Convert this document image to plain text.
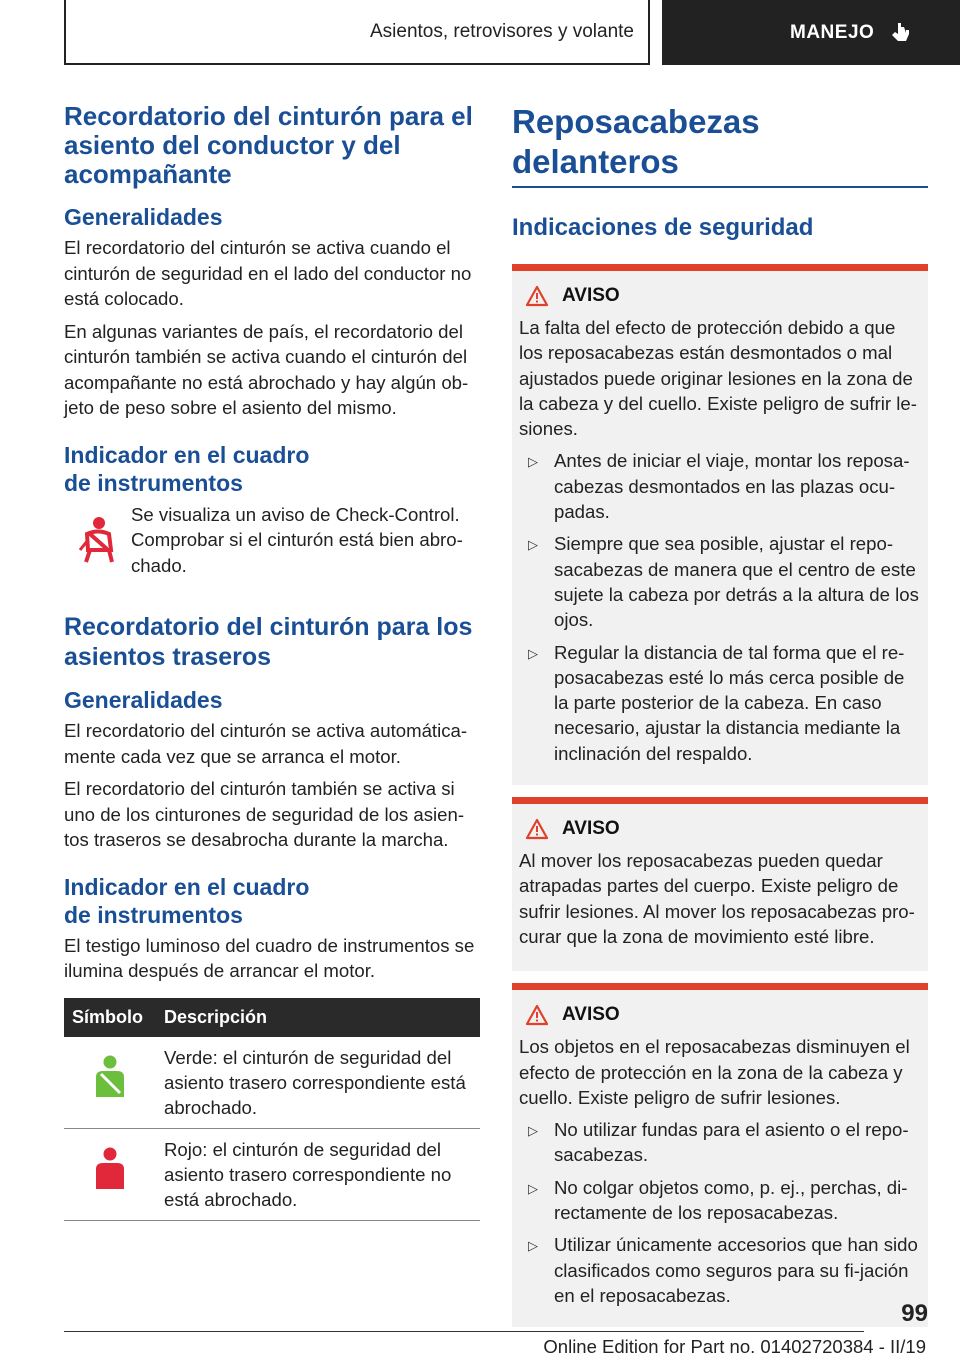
Asientos, retrovisores y volante	MANEJO
Recordatorio del cinturón para el asiento del conductor y del acompañante
Generalidades
El recordatorio del cinturón se activa cuando el cinturón de seguridad en el lado del conductor no está colocado.
En algunas variantes de país, el recordatorio del cinturón también se activa cuando el cinturón del acompañante no está abrochado y hay algún ob‐jeto de peso sobre el asiento del mismo.
Indicador en el cuadro
de instrumentos
Se visualiza un aviso de Check-Control. Comprobar si el cinturón está bien abro‐chado.
Recordatorio del cinturón para los asientos traseros
Generalidades
El recordatorio del cinturón se activa automática‐mente cada vez que se arranca el motor.
El recordatorio del cinturón también se activa si uno de los cinturones de seguridad de los asien‐tos traseros se desabrocha durante la marcha.
Indicador en el cuadro
de instrumentos
El testigo luminoso del cuadro de instrumentos se ilumina después de arrancar el motor.
Símbolo	Descripción
	Verde: el cinturón de seguridad del asiento trasero correspondiente está abrochado.
	Rojo: el cinturón de seguridad del asiento trasero correspondiente no está abrochado.
Reposacabezas delanteros
Indicaciones de seguridad
AVISO
La falta del efecto de protección debido a que los reposacabezas están desmontados o mal ajustados puede originar lesiones en la zona de la cabeza y del cuello. Existe peligro de sufrir le‐siones.
▷ Antes de iniciar el viaje, montar los reposa‐cabezas desmontados en las plazas ocu‐padas.
▷ Siempre que sea posible, ajustar el repo‐sacabezas de manera que el centro de este sujete la cabeza por detrás a la altura de los ojos.
▷ Regular la distancia de tal forma que el re‐posacabezas esté lo más cerca posible de la parte posterior de la cabeza. En caso necesario, ajustar la distancia mediante la inclinación del respaldo.
AVISO
Al mover los reposacabezas pueden quedar atrapadas partes del cuerpo. Existe peligro de sufrir lesiones. Al mover los reposacabezas pro‐curar que la zona de movimiento esté libre.
AVISO
Los objetos en el reposacabezas disminuyen el efecto de protección en la zona de la cabeza y cuello. Existe peligro de sufrir lesiones.
▷ No utilizar fundas para el asiento o el repo‐sacabezas.
▷ No colgar objetos como, p. ej., perchas, di‐rectamente de los reposacabezas.
▷ Utilizar únicamente accesorios que han sido clasificados como seguros para su fi‐jación en el reposacabezas.
99
Online Edition for Part no. 01402720384 - II/19
